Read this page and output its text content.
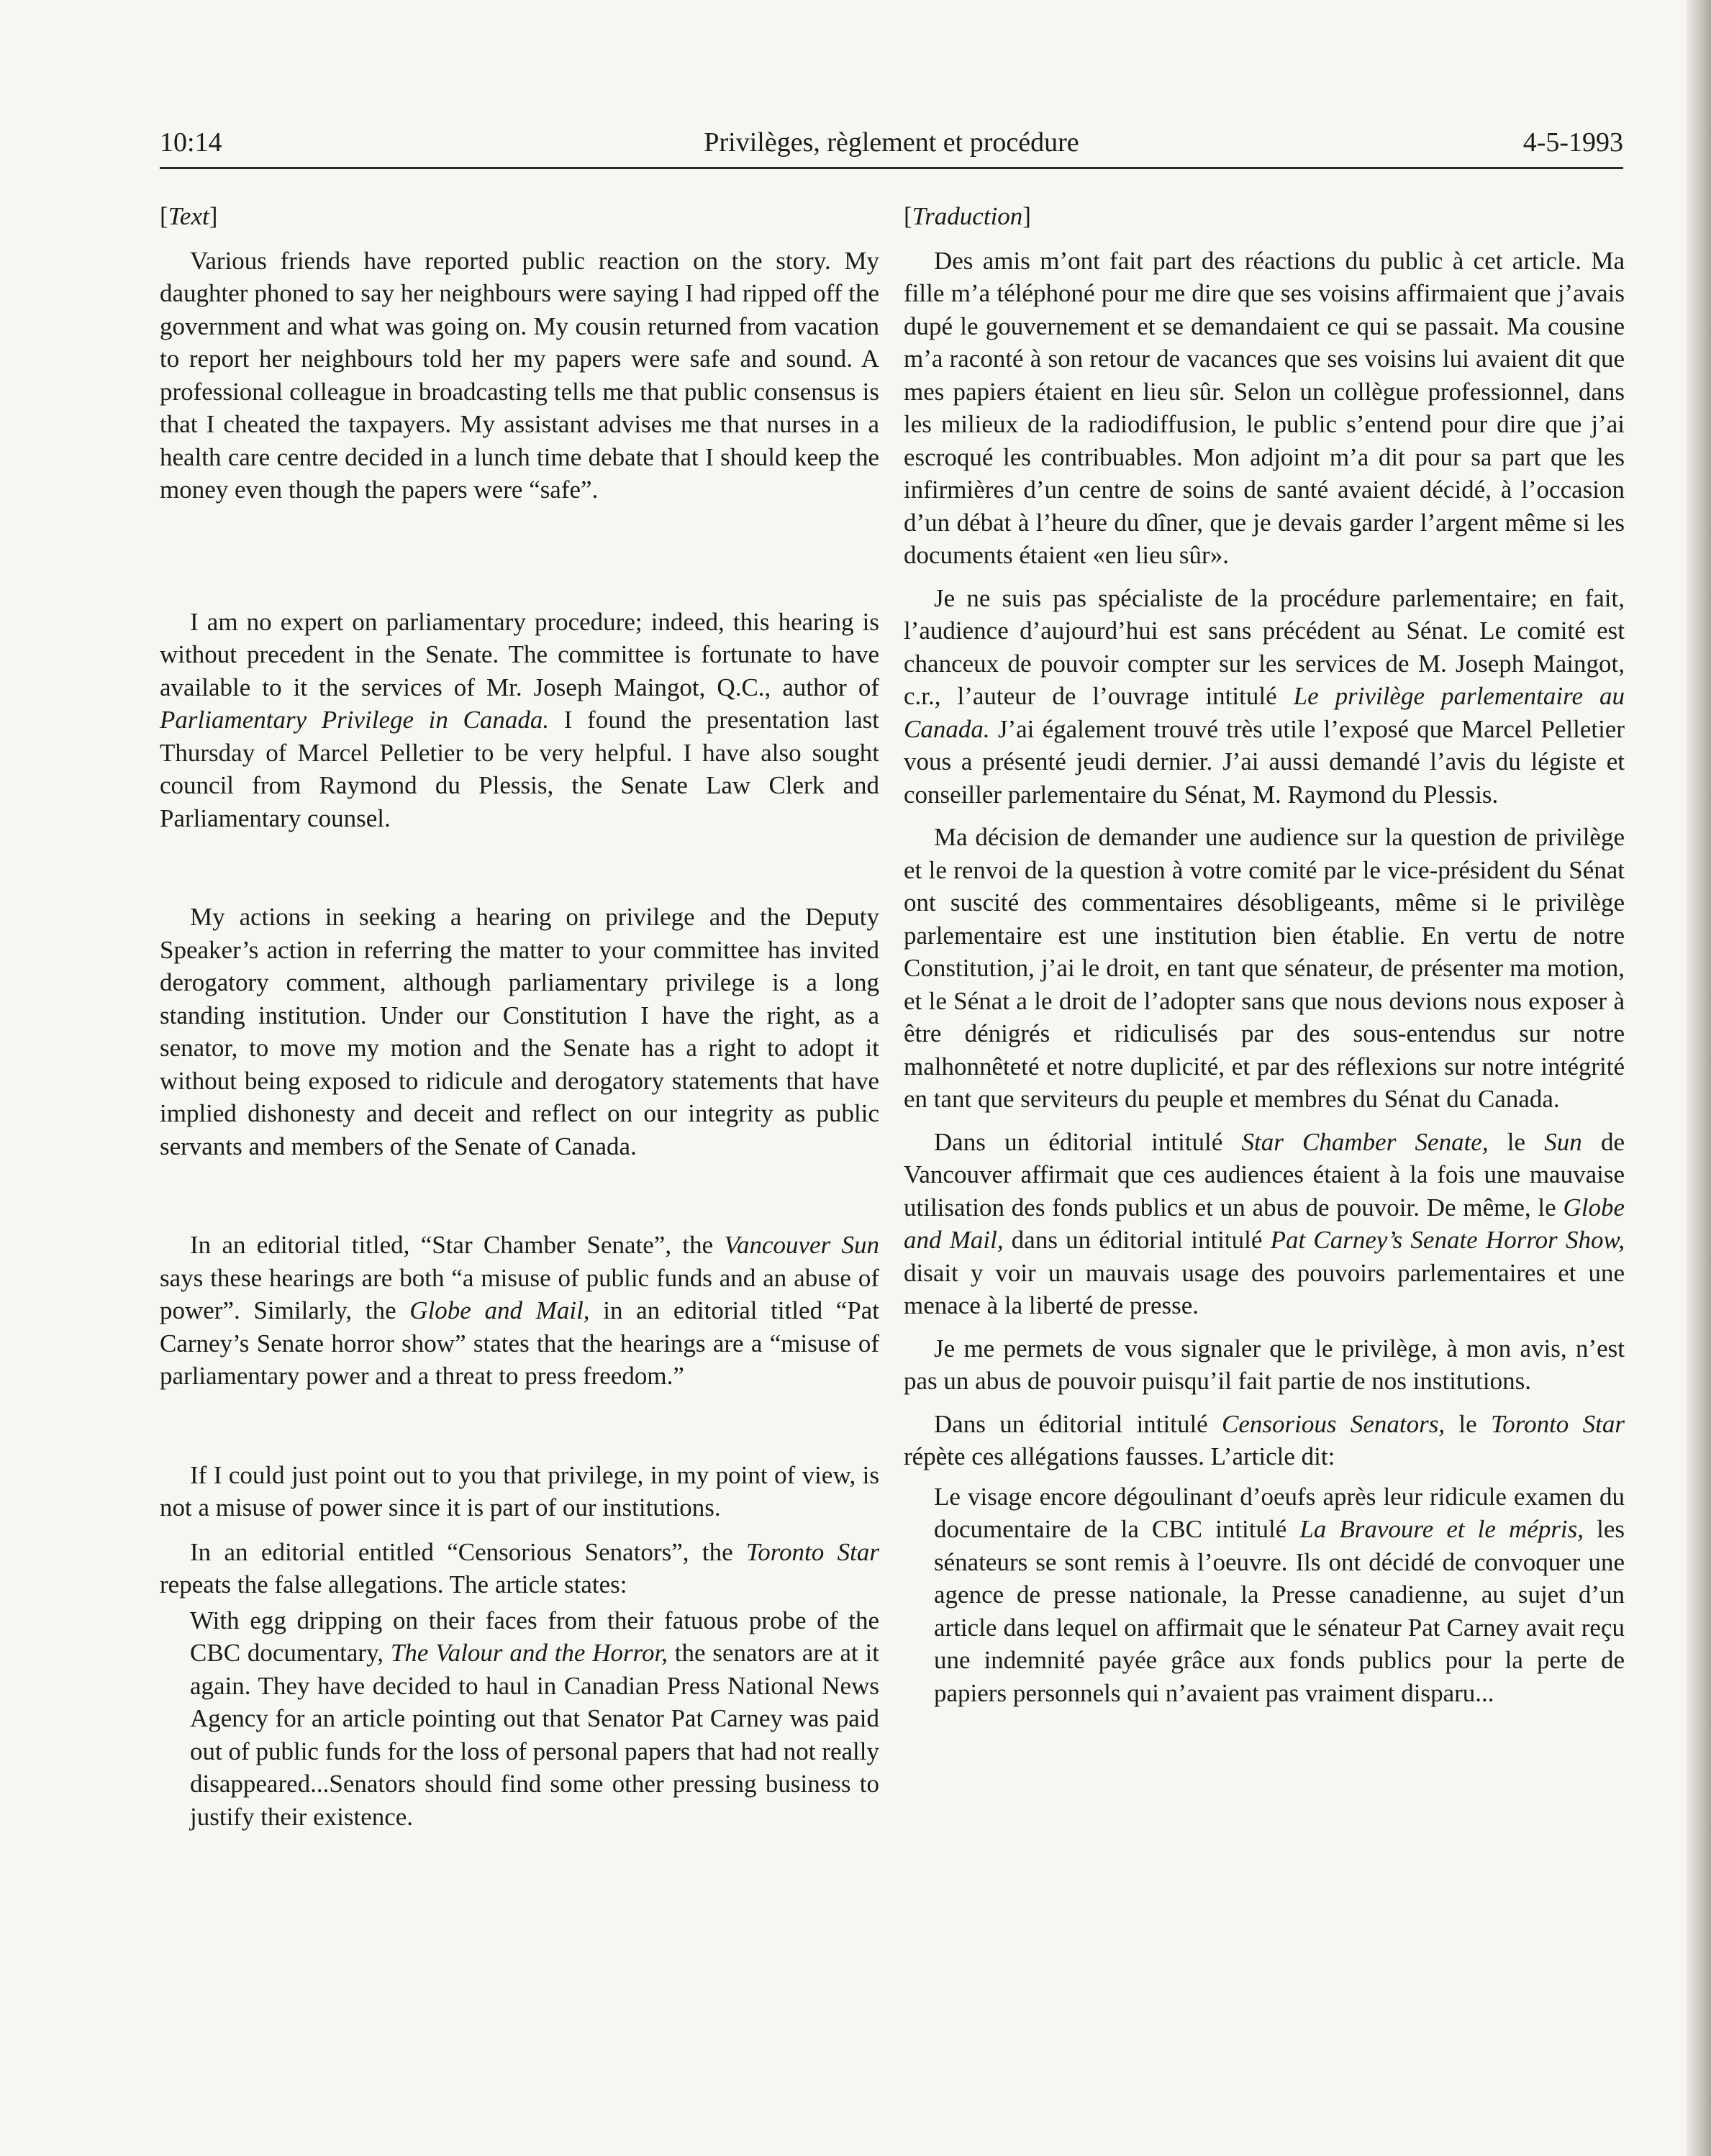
10:14	Privilèges, règlement et procédure	4-5-1993
[Text]

Various friends have reported public reaction on the story. My daughter phoned to say her neighbours were saying I had ripped off the government and what was going on. My cousin returned from vacation to report her neighbours told her my papers were safe and sound. A professional colleague in broadcasting tells me that public consensus is that I cheated the taxpayers. My assistant advises me that nurses in a health care centre decided in a lunch time debate that I should keep the money even though the papers were “safe”.

I am no expert on parliamentary procedure; indeed, this hearing is without precedent in the Senate. The committee is fortunate to have available to it the services of Mr. Joseph Maingot, Q.C., author of Parliamentary Privilege in Canada. I found the presentation last Thursday of Marcel Pelletier to be very helpful. I have also sought council from Raymond du Plessis, the Senate Law Clerk and Parliamentary counsel.

My actions in seeking a hearing on privilege and the Deputy Speaker’s action in referring the matter to your committee has invited derogatory comment, although parliamentary privilege is a long standing institution. Under our Constitution I have the right, as a senator, to move my motion and the Senate has a right to adopt it without being exposed to ridicule and derogatory statements that have implied dishonesty and deceit and reflect on our integrity as public servants and members of the Senate of Canada.

In an editorial titled, “Star Chamber Senate”, the Vancouver Sun says these hearings are both “a misuse of public funds and an abuse of power”. Similarly, the Globe and Mail, in an editorial titled “Pat Carney’s Senate horror show” states that the hearings are a “misuse of parliamentary power and a threat to press freedom.”

If I could just point out to you that privilege, in my point of view, is not a misuse of power since it is part of our institutions.

In an editorial entitled “Censorious Senators”, the Toronto Star repeats the false allegations. The article states:

With egg dripping on their faces from their fatuous probe of the CBC documentary, The Valour and the Horror, the senators are at it again. They have decided to haul in Canadian Press National News Agency for an article pointing out that Senator Pat Carney was paid out of public funds for the loss of personal papers that had not really disappeared...Senators should find some other pressing business to justify their existence.
[Traduction]

Des amis m’ont fait part des réactions du public à cet article. Ma fille m’a téléphoné pour me dire que ses voisins affirmaient que j’avais dupé le gouvernement et se demandaient ce qui se passait. Ma cousine m’a raconté à son retour de vacances que ses voisins lui avaient dit que mes papiers étaient en lieu sûr. Selon un collègue professionnel, dans les milieux de la radiodiffusion, le public s’entend pour dire que j’ai escroqué les contribuables. Mon adjoint m’a dit pour sa part que les infirmières d’un centre de soins de santé avaient décidé, à l’occasion d’un débat à l’heure du dîner, que je devais garder l’argent même si les documents étaient «en lieu sûr».

Je ne suis pas spécialiste de la procédure parlementaire; en fait, l’audience d’aujourd’hui est sans précédent au Sénat. Le comité est chanceux de pouvoir compter sur les services de M. Joseph Maingot, c.r., l’auteur de l’ouvrage intitulé Le privilège parlementaire au Canada. J’ai également trouvé très utile l’exposé que Marcel Pelletier vous a présenté jeudi dernier. J’ai aussi demandé l’avis du légiste et conseiller parlementaire du Sénat, M. Raymond du Plessis.

Ma décision de demander une audience sur la question de privilège et le renvoi de la question à votre comité par le vice-président du Sénat ont suscité des commentaires désobligeants, même si le privilège parlementaire est une institution bien établie. En vertu de notre Constitution, j’ai le droit, en tant que sénateur, de présenter ma motion, et le Sénat a le droit de l’adopter sans que nous devions nous exposer à être dénigrés et ridiculisés par des sous-entendus sur notre malhonnêteté et notre duplicité, et par des réflexions sur notre intégrité en tant que serviteurs du peuple et membres du Sénat du Canada.

Dans un éditorial intitulé Star Chamber Senate, le Sun de Vancouver affirmait que ces audiences étaient à la fois une mauvaise utilisation des fonds publics et un abus de pouvoir. De même, le Globe and Mail, dans un éditorial intitulé Pat Carney’s Senate Horror Show, disait y voir un mauvais usage des pouvoirs parlementaires et une menace à la liberté de presse.

Je me permets de vous signaler que le privilège, à mon avis, n’est pas un abus de pouvoir puisqu’il fait partie de nos institutions.

Dans un éditorial intitulé Censorious Senators, le Toronto Star répète ces allégations fausses. L’article dit:

Le visage encore dégoulinant d’oeufs après leur ridicule examen du documentaire de la CBC intitulé La Bravoure et le mépris, les sénateurs se sont remis à l’oeuvre. Ils ont décidé de convoquer une agence de presse nationale, la Presse canadienne, au sujet d’un article dans lequel on affirmait que le sénateur Pat Carney avait reçu une indemnité payée grâce aux fonds publics pour la perte de papiers personnels qui n’avaient pas vraiment disparu...
